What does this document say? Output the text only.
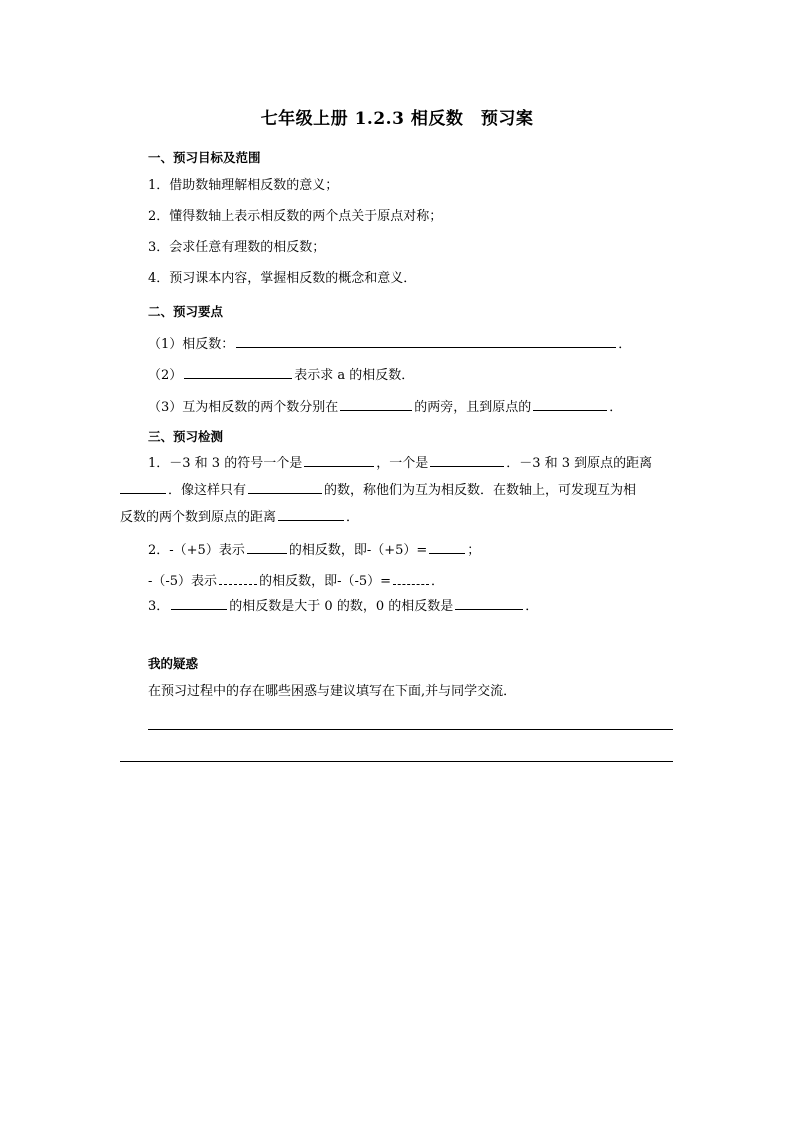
七年级上册 1.2.3 相反数　预习案
一、预习目标及范围
1．借助数轴理解相反数的意义；
2．懂得数轴上表示相反数的两个点关于原点对称；
3．会求任意有理数的相反数；
4．预习课本内容，掌握相反数的概念和意义．
二、预习要点
（1）相反数：	．
（2）	表示求 a 的相反数．
（3）互为相反数的两个数分别在	的两旁，且到原点的	．
三、预习检测
1．－3 和 3 的符号一个是	，一个是	．－3 和 3 到原点的距离
．像这样只有	的数，称他们为互为相反数．在数轴上，可发现互为相
反数的两个数到原点的距离	．
2．-（+5）表示	的相反数，即-（+5）=	；
-（-5）表示	的相反数，即-（-5）=	．
3．	的相反数是大于 0 的数，0 的相反数是	．
我的疑惑
在预习过程中的存在哪些困惑与建议填写在下面,并与同学交流．
